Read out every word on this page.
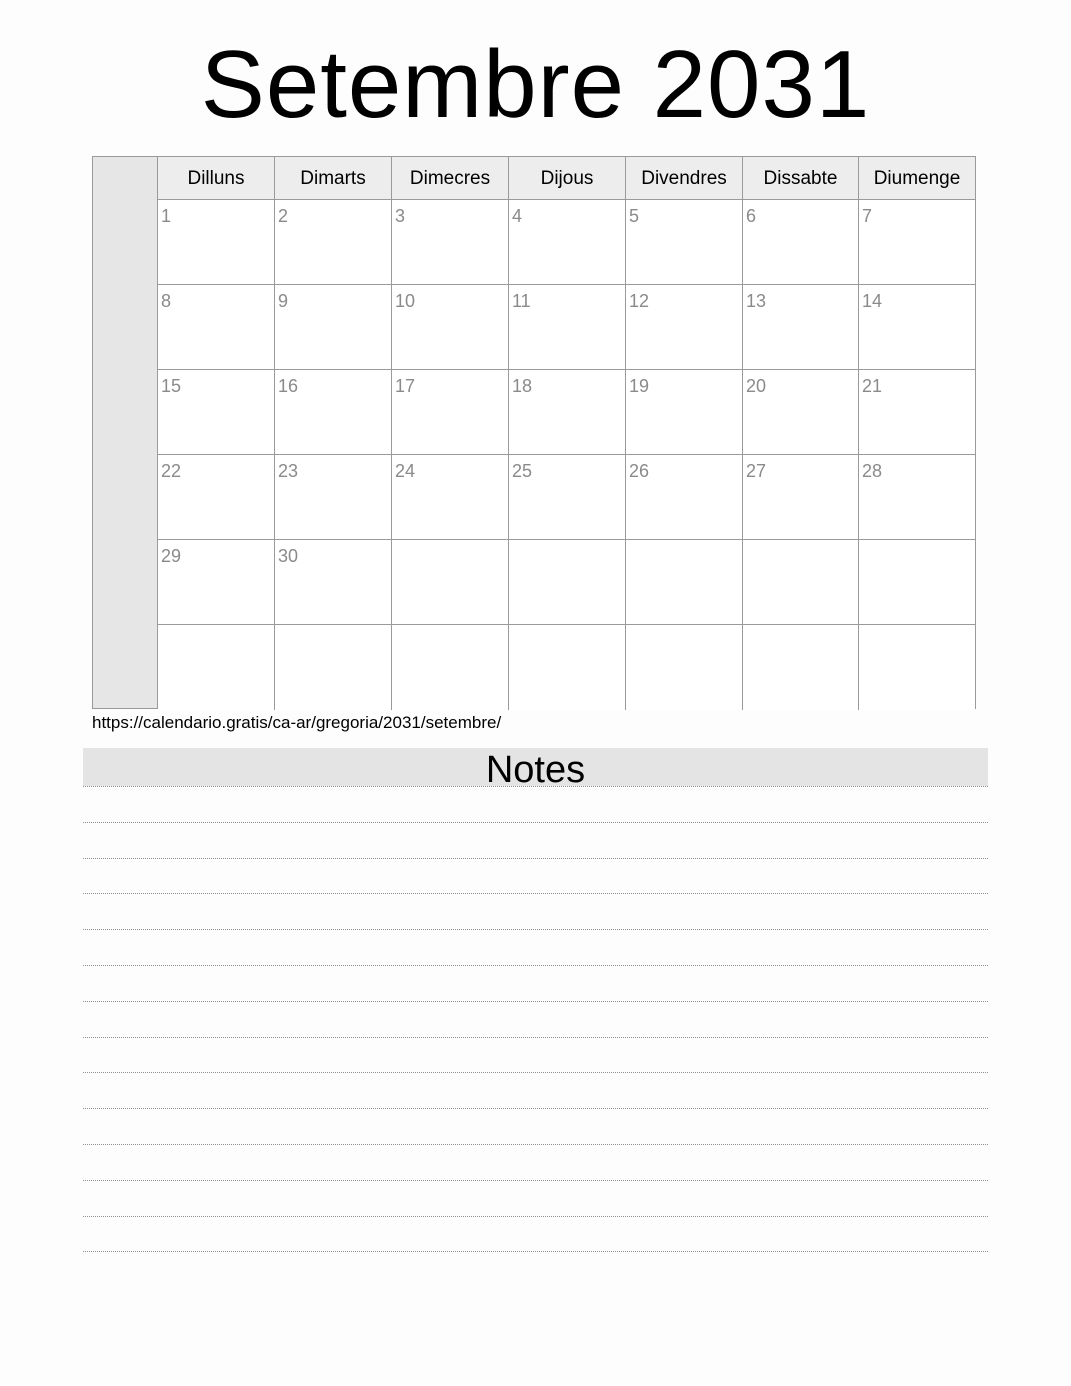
Setembre 2031
Dilluns	Dimarts	Dimecres	Dijous	Divendres	Dissabte	Diumenge
1	2	3	4	5	6	7
8	9	10	11	12	13	14
15	16	17	18	19	20	21
22	23	24	25	26	27	28
29	30
https://calendario.gratis/ca-ar/gregoria/2031/setembre/
Notes
